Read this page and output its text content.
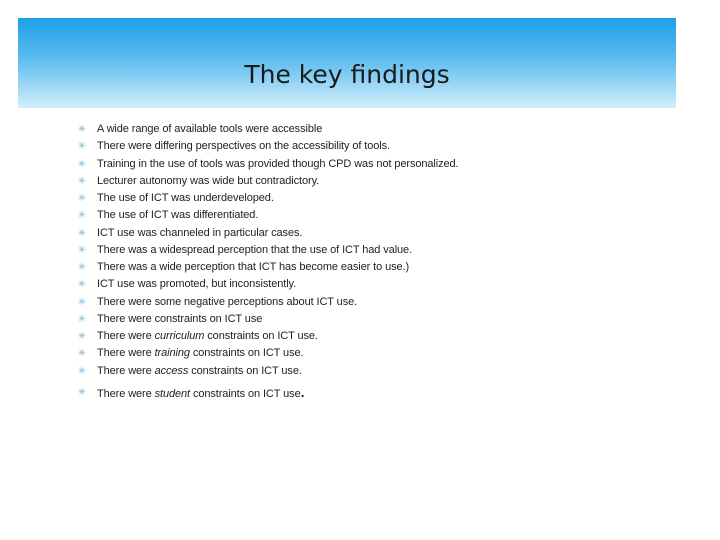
The key findings
✳ A wide range of available tools were accessible
✳ There were differing perspectives on the accessibility of tools.
✳ Training in the use of tools was provided though CPD was not personalized.
✳ Lecturer autonomy was wide but contradictory.
✳ The use of ICT was underdeveloped.
✳ The use of ICT was differentiated.
✳ ICT use was channeled in particular cases.
✳ There was a widespread perception that the use of ICT had value.
✳ There was a wide perception that ICT has become easier to use.)
✳ ICT use was promoted, but inconsistently.
✳ There were some negative perceptions about ICT use.
✳ There were constraints on ICT use
✳ There were curriculum constraints on ICT use.
✳ There were training constraints on ICT use.
✳ There were access constraints on ICT use.
✳ There were student constraints on ICT use.
